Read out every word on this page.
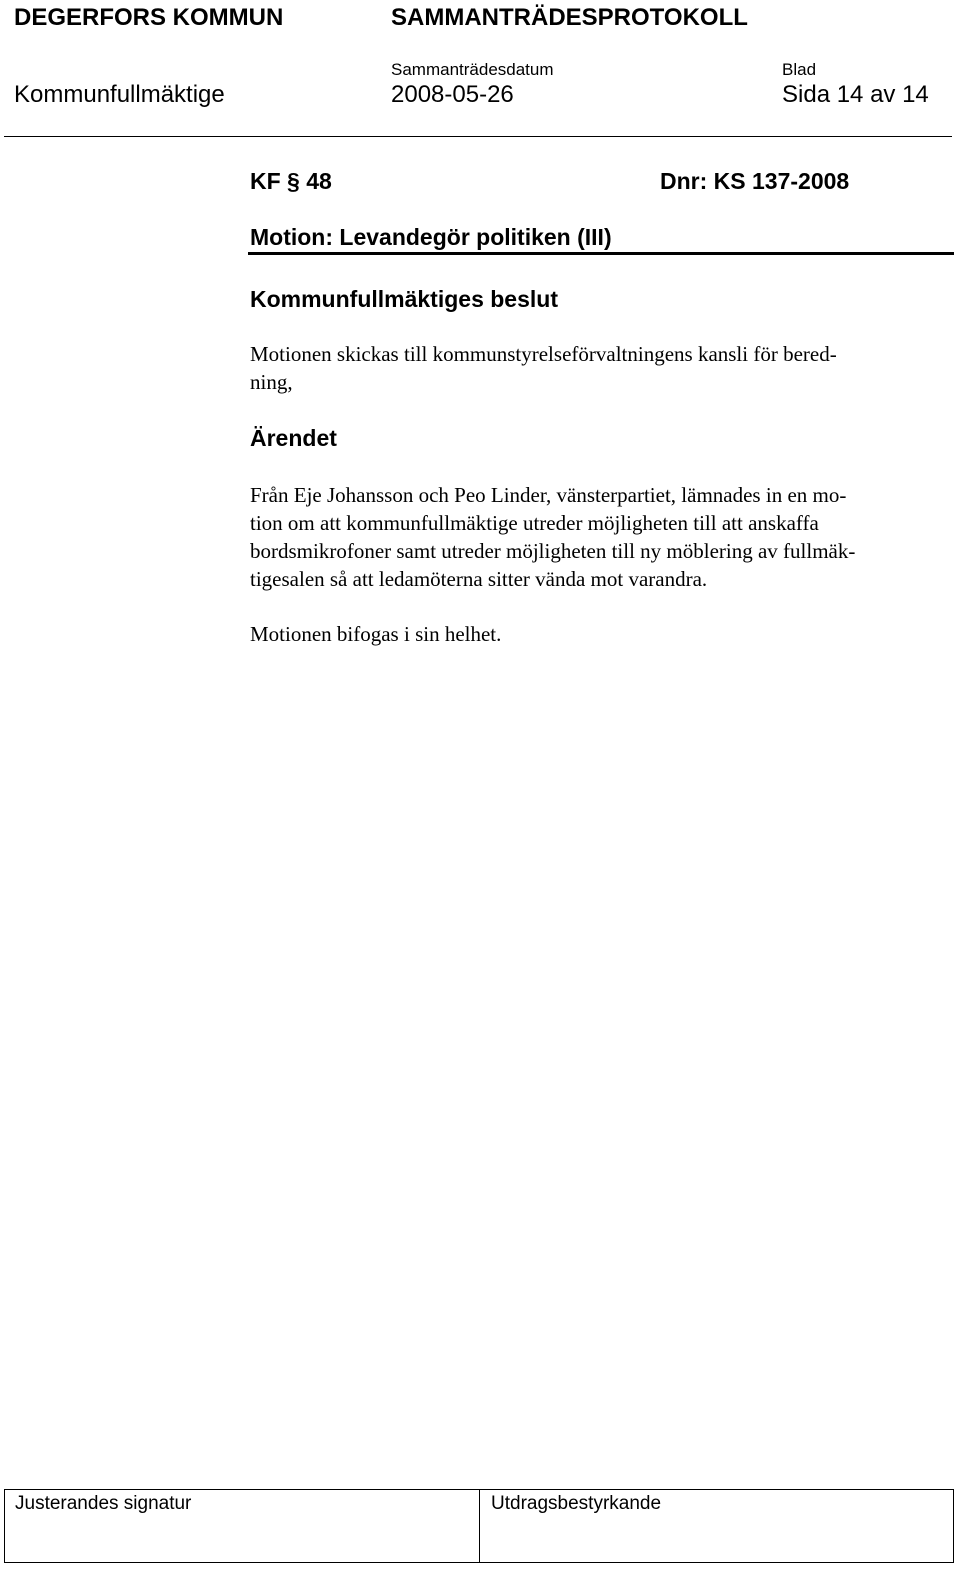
DEGERFORS KOMMUN	SAMMANTRÄDESPROTOKOLL
Sammanträdesdatum	Blad
Kommunfullmäktige	2008-05-26	Sida 14 av 14
KF § 48	Dnr: KS 137-2008
Motion: Levandegör politiken (III)
Kommunfullmäktiges beslut
Motionen skickas till kommunstyrelseförvaltningens kansli för bered-
ning,
Ärendet
Från Eje Johansson och Peo Linder, vänsterpartiet, lämnades in en mo-
tion om att kommunfullmäktige utreder möjligheten till att anskaffa
bordsmikrofoner samt utreder möjligheten till ny möblering av fullmäk-
tigesalen så att ledamöterna sitter vända mot varandra.
Motionen bifogas i sin helhet.
Justerandes signatur	Utdragsbestyrkande
